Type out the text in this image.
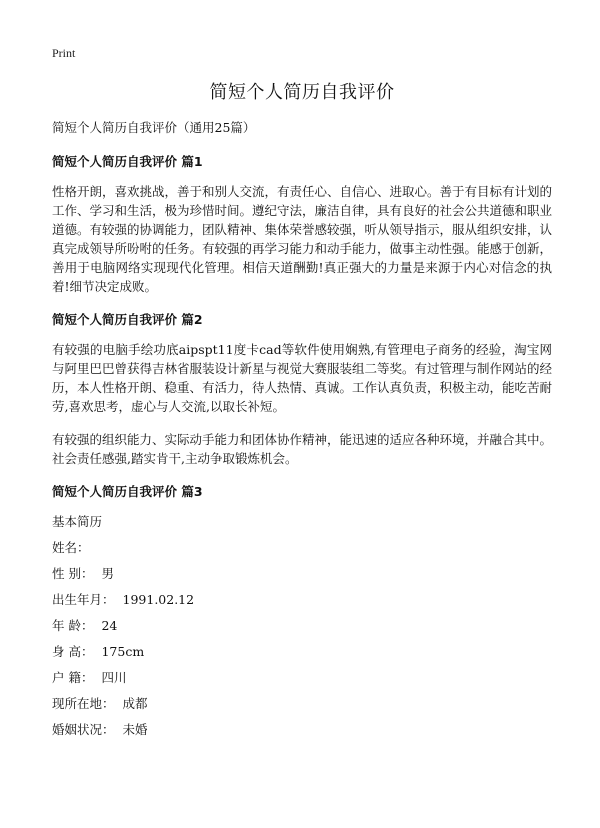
Print
简短个人简历自我评价

简短个人简历自我评价（通用25篇）

简短个人简历自我评价 篇1

性格开朗，喜欢挑战，善于和别人交流，有责任心、自信心、进取心。善于有目标有计划的工作、学习和生活，极为珍惜时间。遵纪守法，廉洁自律，具有良好的社会公共道德和职业道德。有较强的协调能力，团队精神、集体荣誉感较强，听从领导指示，服从组织安排，认真完成领导所吩咐的任务。有较强的再学习能力和动手能力，做事主动性强。能感于创新，善用于电脑网络实现现代化管理。相信天道酬勤!真正强大的力量是来源于内心对信念的执着!细节决定成败。

简短个人简历自我评价 篇2

有较强的电脑手绘功底aipspt11度卡cad等软件使用娴熟,有管理电子商务的经验，淘宝网与阿里巴巴曾获得吉林省服装设计新星与视觉大赛服装组二等奖。有过管理与制作网站的经历，本人性格开朗、稳重、有活力，待人热情、真诚。工作认真负责，积极主动，能吃苦耐劳,喜欢思考，虚心与人交流,以取长补短。

有较强的组织能力、实际动手能力和团体协作精神，能迅速的适应各种环境，并融合其中。社会责任感强,踏实肯干,主动争取锻炼机会。

简短个人简历自我评价 篇3
基本简历
姓名：
性 别： 男
出生年月： 1991.02.12
年 龄： 24
身 高： 175cm
户 籍： 四川
现所在地： 成都
婚姻状况： 未婚
